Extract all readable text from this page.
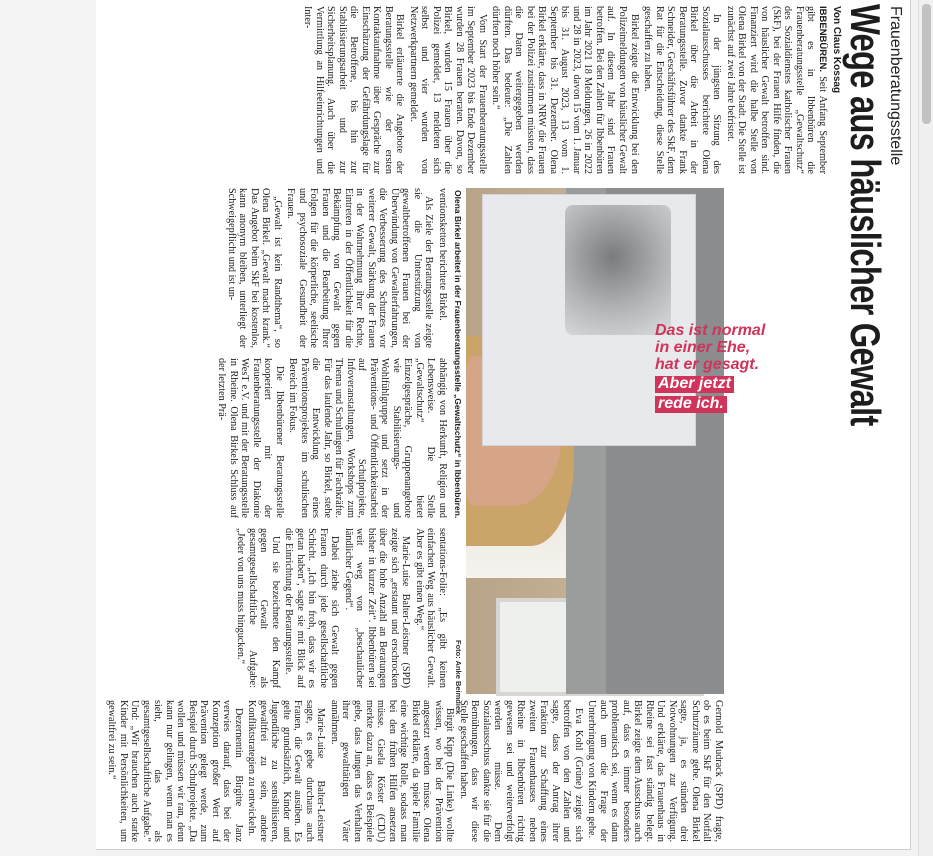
Frauenberatungsstelle
Wege aus häuslicher Gewalt
Von Claus Kossag

IBBENBÜREN. Seit Anfang September gibt es in Ibbenbüren die Frauenberatungsstelle „Gewaltschutz“ des Sozialdienstes katholischer Frauen (SkF), bei der Frauen Hilfe finden, die von häuslicher Gewalt betroffen sind. Finanziert wird die halbe Stelle von Olena Birkel von der Stadt. Die Stelle ist zunächst auf zwei Jahre befristet.

In der jüngsten Sitzung des Sozialausschusses berichtete Olena Birkel über die Arbeit in der Beratungsstelle. Zuvor dankte Frank Schneider, Geschäftsführer des SkF, dem Rat für die Entscheidung, diese Stelle geschaffen zu haben.

Birkel zeigte die Entwicklung bei den Polizeimeldungen von häuslicher Gewalt auf. In diesem Jahr sind Frauen betroffen. Bei den Zahlen für Ibbenbüren im Jahr 2021 18 Meldungen, 26 in 2022 und 28 in 2023, davon 15 vom 1. Januar bis 31. August 2023, 13 vom 1. September bis 31. Dezember. Olena Birkel erklärte, dass in NRW die Frauen bei der Polizei zustimmen müssten, dass die Daten weitergegeben werden dürften. Das bedeute: „Die Zahlen dürften noch höher sein.“

Vom Start der Frauenberatungsstelle im September 2023 bis Ende Dezember wurden 28 Frauen beraten. Davon, so Birkel, wurden 15 Frauen über die Polizei gemeldet, 13 meldeten sich selbst und vier wurden von Netzwerkpartnern gemeldet.

Birkel erläuterte die Angebote der Beratungsstelle wie der ersten Kontaktaufnahme über Gespräche zur Einschätzung der Gefährdungslage für die Betroffene, bis hin zur Stabilisierungsarbeit und zur Sicherheitsplanung. Auch über die Vermittlung an Hilfeeinrichtungen und Inter-

Das ist normal
in einer Ehe,
hat er gesagt.
Aber jetzt
rede ich.
Olena Birkel arbeitet in der Frauenberatungsstelle „Gewaltschutz“ in Ibbenbüren.
Foto: Anke Beimdiek

ventionsketten berichtete Birkel.

Als Ziele der Beratungsstelle zeigte sie die Unterstützung von gewaltbetroffenen Frauen bei der Überwindung von Gewalterfahrungen, die Verbesserung des Schutzes vor weiterer Gewalt, Stärkung der Frauen in der Wahrnehmung ihrer Rechte, Eintreten in der Öffentlichkeit für die Bekämpfung von Gewalt gegen Frauen und die Bearbeitung Ihrer Folgen für die körperliche, seelische und psychosoziale Gesundheit der Frauen.

„Gewalt ist kein Randthema“, so Olena Birkel. „Gewalt macht krank.“ Das Angebot beim SkF bei kostenlos, kann anonym bleiben, unterliegt der Schweigepflicht und ist un-

abhängig von Herkunft, Religion und Lebensweise. Die Stelle „Gewaltschutz“ bietet Einzelgespräche, Gruppenangebote wie Stabilisierungs- und Wohlfühlgruppe und setzt in der Präventions- und Öffentlichkeitsarbeit auf Schulprojekte, Infoveranstaltungen, Workshops zum Thema und Schulungen für Fachkräfte. Für das laufende Jahr, so Birkel, stehe die Entwicklung eines Präventionsprojektes im schulischen Bereich im Fokus.

Die Ibbenbürener Beratungsstelle kooperiert mit der Frauenberatungsstelle der Diakonie WesT e.V. und mit der Beratungsstelle in Rheine. Olena Birkels Schluss auf der letzten Prä-

sentations-Folie: „Es gibt keinen einfachen Weg aus häuslicher Gewalt. Aber es gibt einen Weg.“

Marie-Luise Balter-Leistner (SPD) zeigte sich „erstaunt und erschrocken über die hohe Anzahl an Beratungen bisher in kurzer Zeit“. Ibbenbüren sei weit weg von „beschaulicher ländlicher Gegend“.

Dabei ziehe sich Gewalt gegen Frauen durch jede gesellschaftliche Schicht. „Ich bin froh, dass wir es getan haben“, sagte sie mit Blick auf die Einrichtung der Beratungsstelle.

Und sie bezeichnete den Kampf gegen Gewalt als gesamtgesellschaftliche Aufgabe: „Jeder von uns muss hingucken.“

Gernold Mudrack (SPD) fragte, ob es beim SkF für den Notfall Schutzräume gebe. Olena Birkel sagte, ja, es stünden drei Notwohnungen zur Verfügung. Und erklärte, das Frauenhaus in Rheine sei fast ständig belegt. Birkel zeigte dem Ausschuss auch auf, dass es immer besonders problematisch sei, wenn es dann auch um die Frage der Unterbringung von Kindern gehe.

Eva Kohl (Grüne) zeigte sich betroffen von den Zahlen und sagte, dass der Antrag ihrer Fraktion zur Schaffung eines zweiten Frauenhauses neben Rheine in Ibbenbüren richtig gewesen sei und weiterverfolgt werden müsse. Dem Sozialausschuss dankte sie für die Bemühungen, dass wir diese Stelle geschaffen haben.

Birgit Kipp (Die Linke) wollte wissen, wo bei der Prävention angesetzt werden müsse. Olena Birkel erklärte, da spiele Familie eine wichtige Rolle, sodass man bei den frühen Hilfen ansetzen müsse. Gisela Köster (CDU) merkte dazu an, dass es Beispiele gebe, dass Jungen das Verhalten ihrer gewalttätigen Väter annähmen.

Marie-Luise Balter-Leistner sagte, es gebe durchaus auch Frauen, die Gewalt ausüben. Es gelte grundsätzlich, Kinder und Jugendliche zu sensibilisieren, gewaltfrei zu sein, andere Konfliktstrategien zu entwickeln.

Dezernentin Birgitte Janz verwies darauf, dass bei der Konzeption großer Wert auf Prävention gelegt werde, zum Beispiel durch Schulprojekte. „Da wollen und müssen wir ran, denn kann nur gelingen, wenn man es sieht, das als gesamtgesellschaftliche Aufgabe.“ Und: „Wir brauchen auch starke Kinder mit Persönlichkeiten, um gewaltfrei zu sein.“
